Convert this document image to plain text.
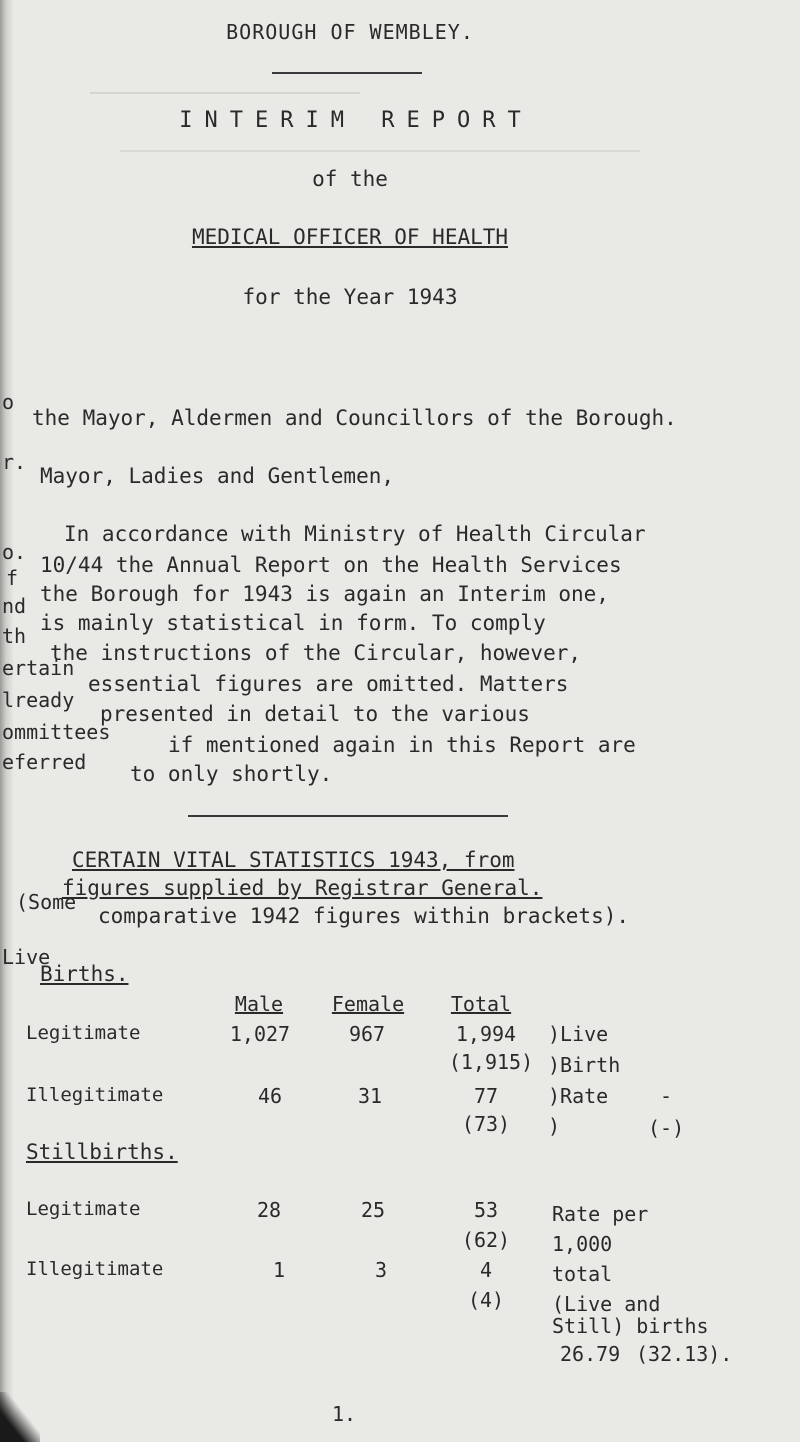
BOROUGH OF WEMBLEY.
INTERIM REPORT
of the
MEDICAL OFFICER OF HEALTH
for the Year 1943
o
the Mayor, Aldermen and Councillors of the Borough.
r.
Mayor, Ladies and Gentlemen,
In accordance with Ministry of Health Circular
o.
10/44 the Annual Report on the Health Services
f
the Borough for 1943 is again an Interim one,
nd
is mainly statistical in form. To comply
th
the instructions of the Circular, however,
ertain
essential figures are omitted. Matters
lready
presented in detail to the various
ommittees
if mentioned again in this Report are
eferred to only shortly.
CERTAIN VITAL STATISTICS 1943, from
figures supplied by Registrar General.
(Some
comparative 1942 figures within brackets).
Live
Births.
Male	Female	Total
Legitimate	1,027	967	1,994
(1,915)
Illegitimate	46	31	77
(73)
)Live
)Birth
)Rate
)
-
(-)
Stillbirths.
Legitimate	28	25	53
(62)
Illegitimate	1	3	4
(4)
Rate per
1,000
total
(Live and
Still) births
26.79 (32.13).
1.
